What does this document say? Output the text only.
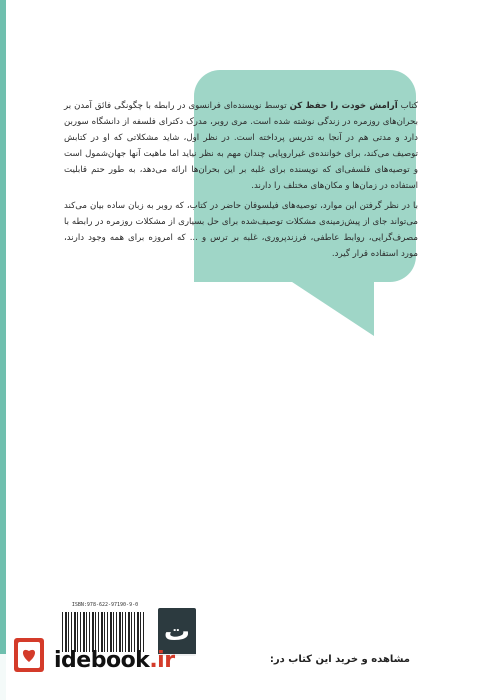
کتاب آرامش خودت را حفظ کن توسط نویسنده‌ای فرانسوی در رابطه با چگونگی فائق آمدن بر بحران‌های روزمره در زندگی نوشته شده است. مری روبر، مدرک دکترای فلسفه از دانشگاه سوربن دارد و مدتی هم در آنجا به تدریس پرداخته است. در نظر اول، شاید مشکلاتی که او در کتابش توصیف می‌کند، برای خواننده‌ی غیراروپایی چندان مهم به نظر نیاید اما ماهیت آنها جهان‌شمول است و توصیه‌های فلسفی‌ای که نویسنده برای غلبه بر این بحران‌ها ارائه می‌دهد، به طور حتم قابلیت استفاده در زمان‌ها و مکان‌های مختلف را دارند.

با در نظر گرفتن این موارد، توصیه‌های فیلسوفان حاضر در کتاب، که روبر به زبان ساده بیان می‌کند می‌تواند جای از پیش‌زمینه‌ی مشکلات توصیف‌شده برای حل بسیاری از مشکلات روزمره در رابطه با مصرف‌گرایی، روابط عاطفی، فرزندپروری، غلبه بر ترس و ... که امروزه برای همه وجود دارند، مورد استفاده قرار گیرد.

ISBN:978-622-97190-9-0
ت
idebook.ir	مشاهده و خرید این کتاب در:
